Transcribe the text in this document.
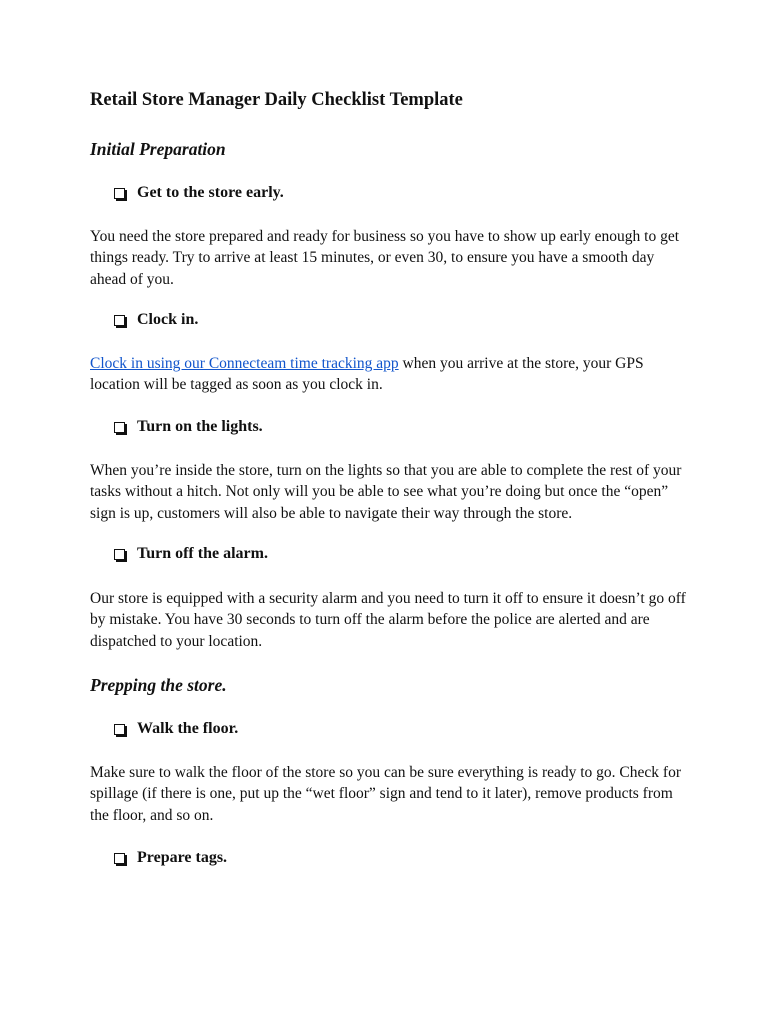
Retail Store Manager Daily Checklist Template
Initial Preparation
Get to the store early.

You need the store prepared and ready for business so you have to show up early enough to get things ready. Try to arrive at least 15 minutes, or even 30, to ensure you have a smooth day ahead of you.

Clock in.

Clock in using our Connecteam time tracking app when you arrive at the store, your GPS location will be tagged as soon as you clock in.

Turn on the lights.

When you’re inside the store, turn on the lights so that you are able to complete the rest of your tasks without a hitch. Not only will you be able to see what you’re doing but once the “open” sign is up, customers will also be able to navigate their way through the store.

Turn off the alarm.

Our store is equipped with a security alarm and you need to turn it off to ensure it doesn’t go off by mistake. You have 30 seconds to turn off the alarm before the police are alerted and are dispatched to your location.

Prepping the store.
Walk the floor.

Make sure to walk the floor of the store so you can be sure everything is ready to go. Check for spillage (if there is one, put up the “wet floor” sign and tend to it later), remove products from the floor, and so on.

Prepare tags.
